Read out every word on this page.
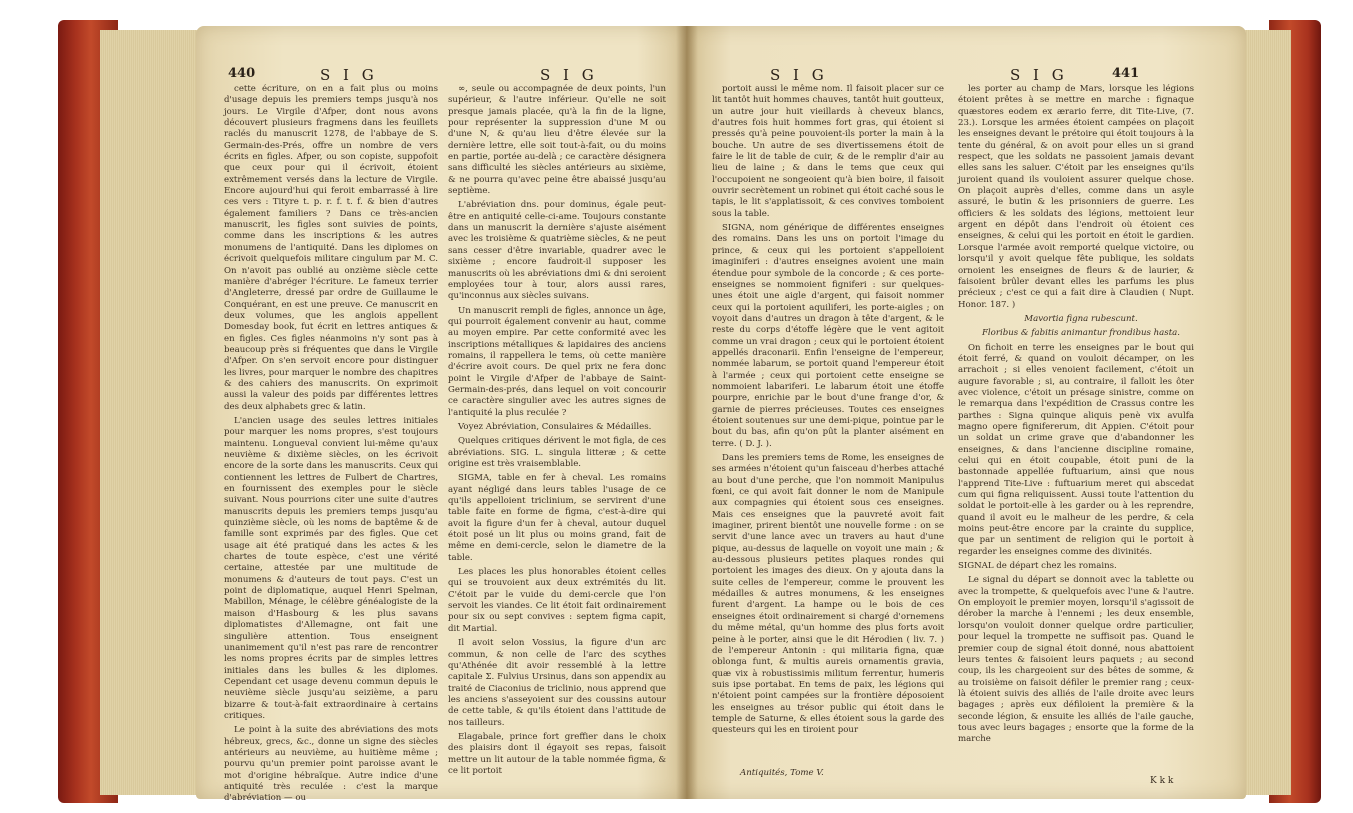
440	S I G	S I G	S I G	S I G	441

cette écriture, on en a fait plus ou moins d'usage depuis les premiers temps jusqu'à nos jours. Le Virgile d'Afper, dont nous avons découvert plusieurs fragmens dans les feuillets raclés du manuscrit 1278, de l'abbaye de S. Germain-des-Prés, offre un nombre de vers écrits en figles. Afper, ou son copiste, suppofoit que ceux pour qui il écrivoit, étoient extrêmement versés dans la lecture de Virgile. Encore aujourd'hui qui feroit embarrassé à lire ces vers : Tityre t. p. r. f. t. f. & bien d'autres également familiers ? Dans ce très-ancien manuscrit, les figles sont suivies de points, comme dans les inscriptions & les autres monumens de l'antiquité. Dans les diplomes on écrivoit quelquefois militare cingulum par M. C. On n'avoit pas oublié au onzième siècle cette manière d'abréger l'écriture. Le fameux terrier d'Angleterre, dressé par ordre de Guillaume le Conquérant, en est une preuve. Ce manuscrit en deux volumes, que les anglois appellent Domesday book, fut écrit en lettres antiques & en figles. Ces figles néanmoins n'y sont pas à beaucoup près si fréquentes que dans le Virgile d'Afper. On s'en servoit encore pour distinguer les livres, pour marquer le nombre des chapitres & des cahiers des manuscrits. On exprimoit aussi la valeur des poids par différentes lettres des deux alphabets grec & latin.

L'ancien usage des seules lettres initiales pour marquer les noms propres, s'est toujours maintenu. Longueval convient lui-même qu'aux neuvième & dixième siècles, on les écrivoit encore de la sorte dans les manuscrits. Ceux qui contiennent les lettres de Fulbert de Chartres, en fournissent des exemples pour le siècle suivant. Nous pourrions citer une suite d'autres manuscrits depuis les premiers temps jusqu'au quinzième siècle, où les noms de baptême & de famille sont exprimés par des figles. Que cet usage ait été pratiqué dans les actes & les chartes de toute espèce, c'est une vérité certaine, attestée par une multitude de monumens & d'auteurs de tout pays. C'est un point de diplomatique, auquel Henri Spelman, Mabillon, Ménage, le célèbre généalogiste de la maison d'Hasbourg & les plus savans diplomatistes d'Allemagne, ont fait une singulière attention. Tous enseignent unanimement qu'il n'est pas rare de rencontrer les noms propres écrits par de simples lettres initiales dans les bulles & les diplomes. Cependant cet usage devenu commun depuis le neuvième siècle jusqu'au seizième, a paru bizarre & tout-à-fait extraordinaire à certains critiques.

Le point à la suite des abréviations des mots hébreux, grecs, &c., donne un signe des siècles antérieurs au neuvième, au huitième même ; pourvu qu'un premier point paroisse avant le mot d'origine hébraïque. Autre indice d'une antiquité très reculée : c'est la marque d'abréviation — ou

∞, seule ou accompagnée de deux points, l'un supérieur, & l'autre inférieur. Qu'elle ne soit presque jamais placée, qu'à la fin de la ligne, pour représenter la suppression d'une M ou d'une N, & qu'au lieu d'être élevée sur la dernière lettre, elle soit tout-à-fait, ou du moins en partie, portée au-delà ; ce caractère désignera sans difficulté les siècles antérieurs au sixième, & ne pourra qu'avec peine être abaissé jusqu'au septième.

L'abréviation dns. pour dominus, égale peut-être en antiquité celle-ci-ame. Toujours constante dans un manuscrit la dernière s'ajuste aisément avec les troisième & quatrième siècles, & ne peut sans cesser d'être invariable, quadrer avec le sixième ; encore faudroit-il supposer les manuscrits où les abréviations dmi & dni seroient employées tour à tour, alors aussi rares, qu'inconnus aux siècles suivans.

Un manuscrit rempli de figles, annonce un âge, qui pourroit également convenir au haut, comme au moyen empire. Par cette conformité avec les inscriptions métalliques & lapidaires des anciens romains, il rappellera le tems, où cette manière d'écrire avoit cours. De quel prix ne fera donc point le Virgile d'Afper de l'abbaye de Saint-Germain-des-prés, dans lequel on voit concourir ce caractère singulier avec les autres signes de l'antiquité la plus reculée ?

Voyez Abréviation, Consulaires & Médailles.

Quelques critiques dérivent le mot figla, de ces abréviations. SIG. L. singula litteræ ; & cette origine est très vraisemblable.

SIGMA, table en fer à cheval. Les romains ayant négligé dans leurs tables l'usage de ce qu'ils appelloient triclinium, se servirent d'une table faite en forme de figma, c'est-à-dire qui avoit la figure d'un fer à cheval, autour duquel étoit posé un lit plus ou moins grand, fait de même en demi-cercle, selon le diametre de la table.

Les places les plus honorables étoient celles qui se trouvoient aux deux extrémités du lit. C'étoit par le vuide du demi-cercle que l'on servoit les viandes. Ce lit étoit fait ordinairement pour six ou sept convives : septem figma capit, dit Martial.

Il avoit selon Vossius, la figure d'un arc commun, & non celle de l'arc des scythes qu'Athénée dit avoir ressemblé à la lettre capitale Σ. Fulvius Ursinus, dans son appendix au traité de Ciaconius de triclinio, nous apprend que les anciens s'asseyoient sur des coussins autour de cette table, & qu'ils étoient dans l'attitude de nos tailleurs.

Elagabale, prince fort greffier dans le choix des plaisirs dont il égayoit ses repas, faisoit mettre un lit autour de la table nommée figma, & ce lit portoit

portoit aussi le même nom. Il faisoit placer sur ce lit tantôt huit hommes chauves, tantôt huit goutteux, un autre jour huit vieillards à cheveux blancs, d'autres fois huit hommes fort gras, qui étoient si pressés qu'à peine pouvoient-ils porter la main à la bouche. Un autre de ses divertissemens étoit de faire le lit de table de cuir, & de le remplir d'air au lieu de laine ; & dans le tems que ceux qui l'occupoient ne songeoient qu'à bien boire, il faisoit ouvrir secrètement un robinet qui étoit caché sous le tapis, le lit s'applatissoit, & ces convives tomboient sous la table.

SIGNA, nom générique de différentes enseignes des romains. Dans les uns on portoit l'image du prince, & ceux qui les portoient s'appelloient imaginiferi : d'autres enseignes avoient une main étendue pour symbole de la concorde ; & ces porte-enseignes se nommoient figniferi : sur quelques-unes étoit une aigle d'argent, qui faisoit nommer ceux qui la portoient aquiliferi, les porte-aigles ; on voyoit dans d'autres un dragon à tête d'argent, & le reste du corps d'étoffe légère que le vent agitoit comme un vrai dragon ; ceux qui le portoient étoient appellés draconarii. Enfin l'enseigne de l'empereur, nommée labarum, se portoit quand l'empereur étoit à l'armée ; ceux qui portoient cette enseigne se nommoient labariferi. Le labarum étoit une étoffe pourpre, enrichie par le bout d'une frange d'or, & garnie de pierres précieuses. Toutes ces enseignes étoient soutenues sur une demi-pique, pointue par le bout du bas, afin qu'on pût la planter aisément en terre. ( D. J. ).

Dans les premiers tems de Rome, les enseignes de ses armées n'étoient qu'un faisceau d'herbes attaché au bout d'une perche, que l'on nommoit Manipulus fœni, ce qui avoit fait donner le nom de Manipule aux compagnies qui étoient sous ces enseignes. Mais ces enseignes que la pauvreté avoit fait imaginer, prirent bientôt une nouvelle forme : on se servit d'une lance avec un travers au haut d'une pique, au-dessus de laquelle on voyoit une main ; & au-dessous plusieurs petites plaques rondes qui portoient les images des dieux. On y ajouta dans la suite celles de l'empereur, comme le prouvent les médailles & autres monumens, & les enseignes furent d'argent. La hampe ou le bois de ces enseignes étoit ordinairement si chargé d'ornemens du même métal, qu'un homme des plus forts avoit peine à le porter, ainsi que le dit Hérodien ( liv. 7. ) de l'empereur Antonin : qui militaria figna, quæ oblonga funt, & multis aureis ornamentis gravia, quæ vix à robustissimis militum ferrentur, humeris suis ipse portabat. En tems de paix, les légions qui n'étoient point campées sur la frontière déposoient les enseignes au trésor public qui étoit dans le temple de Saturne, & elles étoient sous la garde des questeurs qui les en tiroient pour

les porter au champ de Mars, lorsque les légions étoient prêtes à se mettre en marche : fignaque quæstores eodem ex ærario ferre, dit Tite-Live, (7. 23.). Lorsque les armées étoient campées on plaçoit les enseignes devant le prétoire qui étoit toujours à la tente du général, & on avoit pour elles un si grand respect, que les soldats ne passoient jamais devant elles sans les saluer. C'étoit par les enseignes qu'ils juroient quand ils vouloient assurer quelque chose. On plaçoit auprès d'elles, comme dans un asyle assuré, le butin & les prisonniers de guerre. Les officiers & les soldats des légions, mettoient leur argent en dépôt dans l'endroit où étoient ces enseignes, & celui qui les portoit en étoit le gardien. Lorsque l'armée avoit remporté quelque victoire, ou lorsqu'il y avoit quelque fête publique, les soldats ornoient les enseignes de fleurs & de laurier, & faisoient brûler devant elles les parfums les plus précieux ; c'est ce qui a fait dire à Claudien ( Nupt. Honor. 187. )

Mavortia figna rubescunt.

Floribus & fabitis animantur frondibus hasta.

On fichoit en terre les enseignes par le bout qui étoit ferré, & quand on vouloit décamper, on les arrachoit ; si elles venoient facilement, c'étoit un augure favorable ; si, au contraire, il falloit les ôter avec violence, c'étoit un présage sinistre, comme on le remarqua dans l'expédition de Crassus contre les parthes : Signa quinque aliquis penè vix avulfa magno opere fignifererum, dit Appien. C'étoit pour un soldat un crime grave que d'abandonner les enseignes, & dans l'ancienne discipline romaine, celui qui en étoit coupable, étoit puni de la bastonnade appellée fuftuarium, ainsi que nous l'apprend Tite-Live : fuftuarium meret qui abscedat cum qui figna reliquissent. Aussi toute l'attention du soldat le portoit-elle à les garder ou à les reprendre, quand il avoit eu le malheur de les perdre, & cela moins peut-être encore par la crainte du supplice, que par un sentiment de religion qui le portoit à regarder les enseignes comme des divinités.

SIGNAL de départ chez les romains.

Le signal du départ se donnoit avec la tablette ou avec la trompette, & quelquefois avec l'une & l'autre. On employoit le premier moyen, lorsqu'il s'agissoit de dérober la marche à l'ennemi ; les deux ensemble, lorsqu'on vouloit donner quelque ordre particulier, pour lequel la trompette ne suffisoit pas. Quand le premier coup de signal étoit donné, nous abattoient leurs tentes & faisoient leurs paquets ; au second coup, ils les chargeoient sur des bêtes de somme, & au troisième on faisoit défiler le premier rang ; ceux-là étoient suivis des alliés de l'aile droite avec leurs bagages ; après eux défiloient la première & la seconde légion, & ensuite les alliés de l'aile gauche, tous avec leurs bagages ; ensorte que la forme de la marche

Antiquités, Tome V.
K k k
